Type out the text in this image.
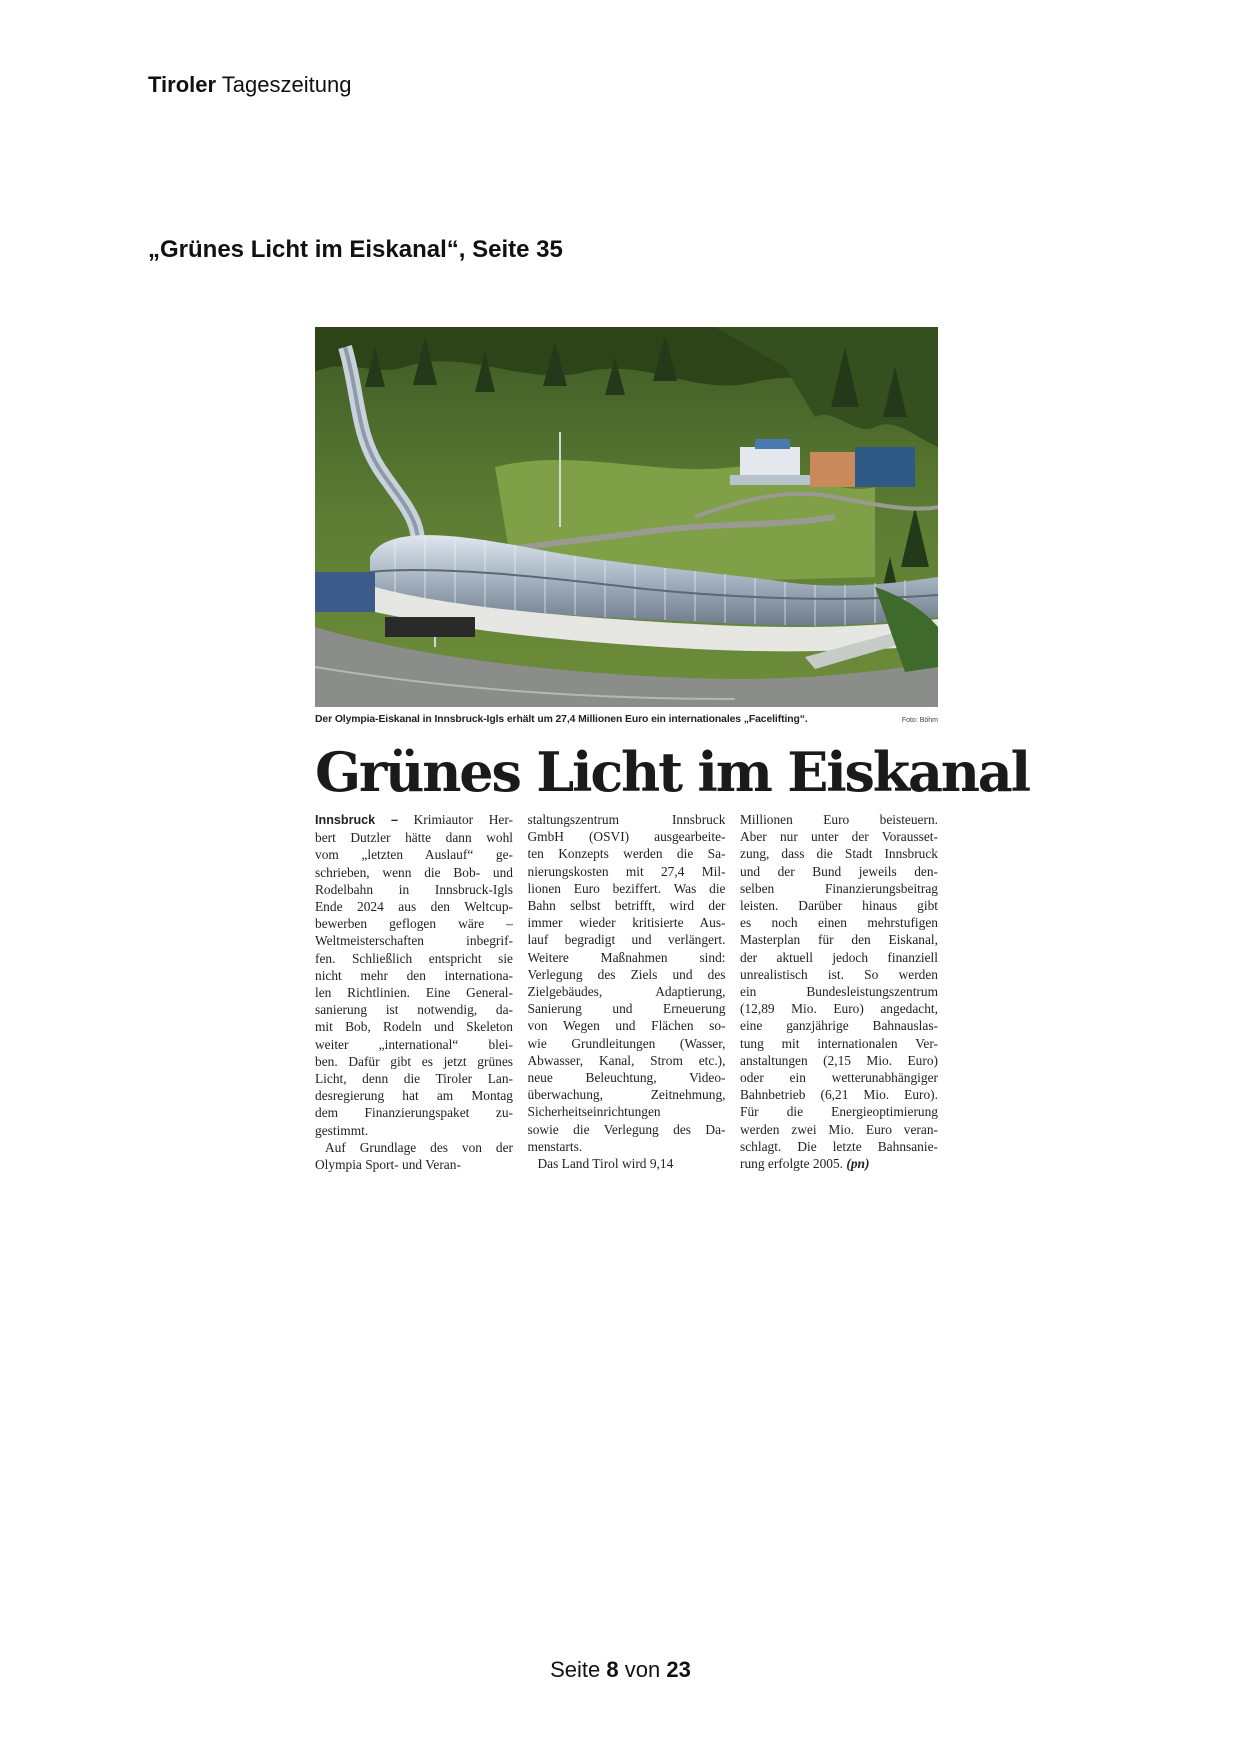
Tiroler Tageszeitung
„Grünes Licht im Eiskanal“, Seite 35
Der Olympia-Eiskanal in Innsbruck-Igls erhält um 27,4 Millionen Euro ein internationales „Facelifting“.	Foto: Böhm
Grünes Licht im Eiskanal
Innsbruck – Krimiautor Her-
bert Dutzler hätte dann wohl
vom „letzten Auslauf“ ge-
schrieben, wenn die Bob- und
Rodelbahn in Innsbruck-Igls
Ende 2024 aus den Weltcup-
bewerben geflogen wäre –
Weltmeisterschaften inbegrif-
fen. Schließlich entspricht sie
nicht mehr den internationa-
len Richtlinien. Eine General-
sanierung ist notwendig, da-
mit Bob, Rodeln und Skeleton
weiter „international“ blei-
ben. Dafür gibt es jetzt grünes
Licht, denn die Tiroler Lan-
desregierung hat am Montag
dem Finanzierungspaket zu-
gestimmt.
Auf Grundlage des von der
Olympia Sport- und Veran-
staltungszentrum Innsbruck
GmbH (OSVI) ausgearbeite-
ten Konzepts werden die Sa-
nierungskosten mit 27,4 Mil-
lionen Euro beziffert. Was die
Bahn selbst betrifft, wird der
immer wieder kritisierte Aus-
lauf begradigt und verlängert.
Weitere Maßnahmen sind:
Verlegung des Ziels und des
Zielgebäudes, Adaptierung,
Sanierung und Erneuerung
von Wegen und Flächen so-
wie Grundleitungen (Wasser,
Abwasser, Kanal, Strom etc.),
neue Beleuchtung, Video-
überwachung, Zeitnehmung,
Sicherheitseinrichtungen
sowie die Verlegung des Da-
menstarts.
Das Land Tirol wird 9,14
Millionen Euro beisteuern.
Aber nur unter der Vorausset-
zung, dass die Stadt Innsbruck
und der Bund jeweils den-
selben Finanzierungsbeitrag
leisten. Darüber hinaus gibt
es noch einen mehrstufigen
Masterplan für den Eiskanal,
der aktuell jedoch finanziell
unrealistisch ist. So werden
ein Bundesleistungszentrum
(12,89 Mio. Euro) angedacht,
eine ganzjährige Bahnauslas-
tung mit internationalen Ver-
anstaltungen (2,15 Mio. Euro)
oder ein wetterunabhängiger
Bahnbetrieb (6,21 Mio. Euro).
Für die Energieoptimierung
werden zwei Mio. Euro veran-
schlagt. Die letzte Bahnsanie-
rung erfolgte 2005. (pn)
Seite 8 von 23
